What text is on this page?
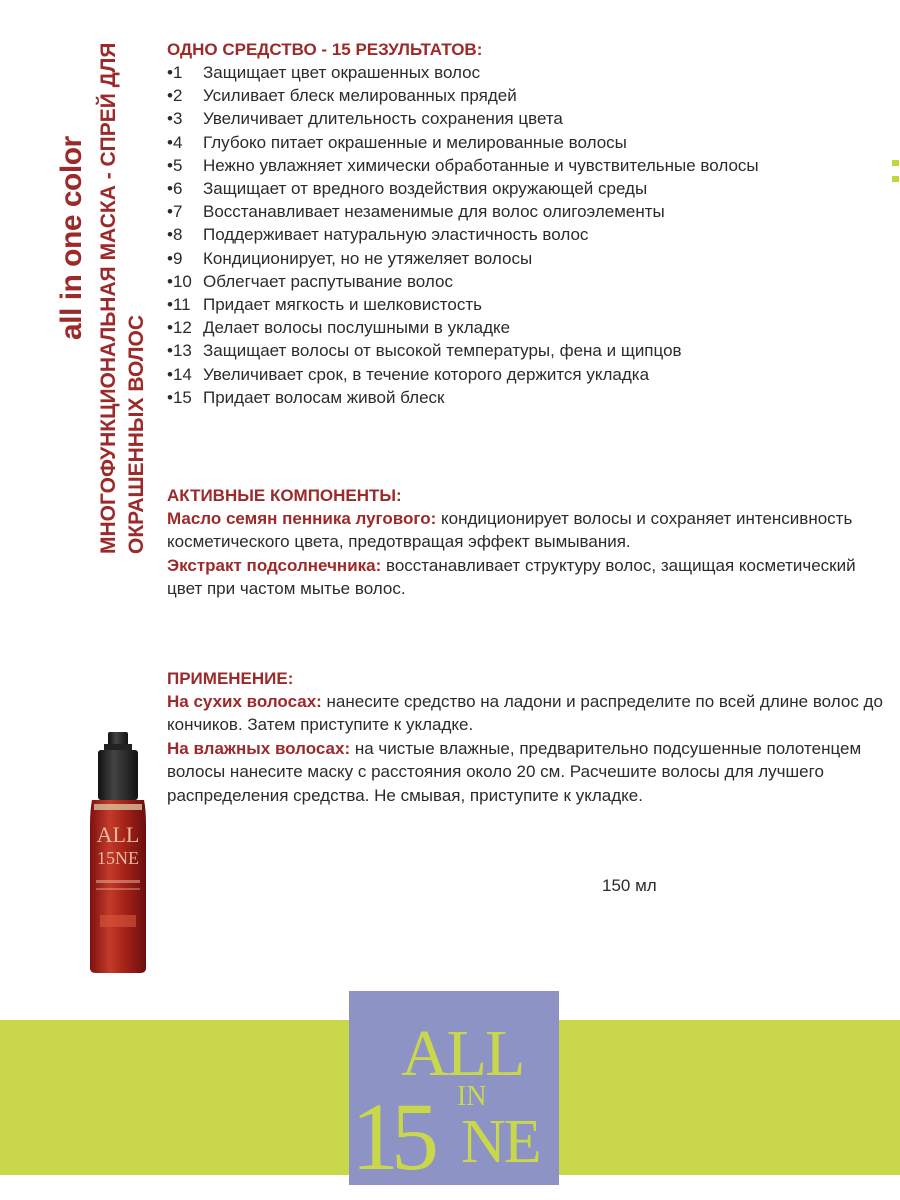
all in one color МНОГОФУНКЦИОНАЛЬНАЯ МАСКА - СПРЕЙ ДЛЯ ОКРАШЕННЫХ ВОЛОС
ОДНО СРЕДСТВО - 15 РЕЗУЛЬТАТОВ:
•1 Защищает цвет окрашенных волос
•2 Усиливает блеск мелированных прядей
•3 Увеличивает длительность сохранения цвета
•4 Глубоко питает окрашенные и мелированные волосы
•5 Нежно увлажняет химически обработанные и чувствительные волосы
•6 Защищает от вредного воздействия окружающей среды
•7 Восстанавливает незаменимые для волос олигоэлементы
•8 Поддерживает натуральную эластичность волос
•9 Кондиционирует, но не утяжеляет волосы
•10 Облегчает распутывание волос
•11 Придает мягкость и шелковистость
•12 Делает волосы послушными в укладке
•13 Защищает волосы от высокой температуры, фена и щипцов
•14 Увеличивает срок, в течение которого держится укладка
•15 Придает волосам живой блеск
АКТИВНЫЕ КОМПОНЕНТЫ:

Масло семян пенника лугового: кондиционирует волосы и сохраняет интенсивность косметического цвета, предотвращая эффект вымывания.

Экстракт подсолнечника: восстанавливает структуру волос, защищая косметический цвет при частом мытье волос.

ПРИМЕНЕНИЕ:

На сухих волосах: нанесите средство на ладони и распределите по всей длине волос до кончиков. Затем приступите к укладке.

На влажных волосах: на чистые влажные, предварительно подсушенные полотенцем волосы нанесите маску с расстояния около 20 см. Расчешите волосы для лучшего распределения средства. Не смывая, приступите к укладке.

150 мл
ALL
15NE
ALL
15 IN
NE
